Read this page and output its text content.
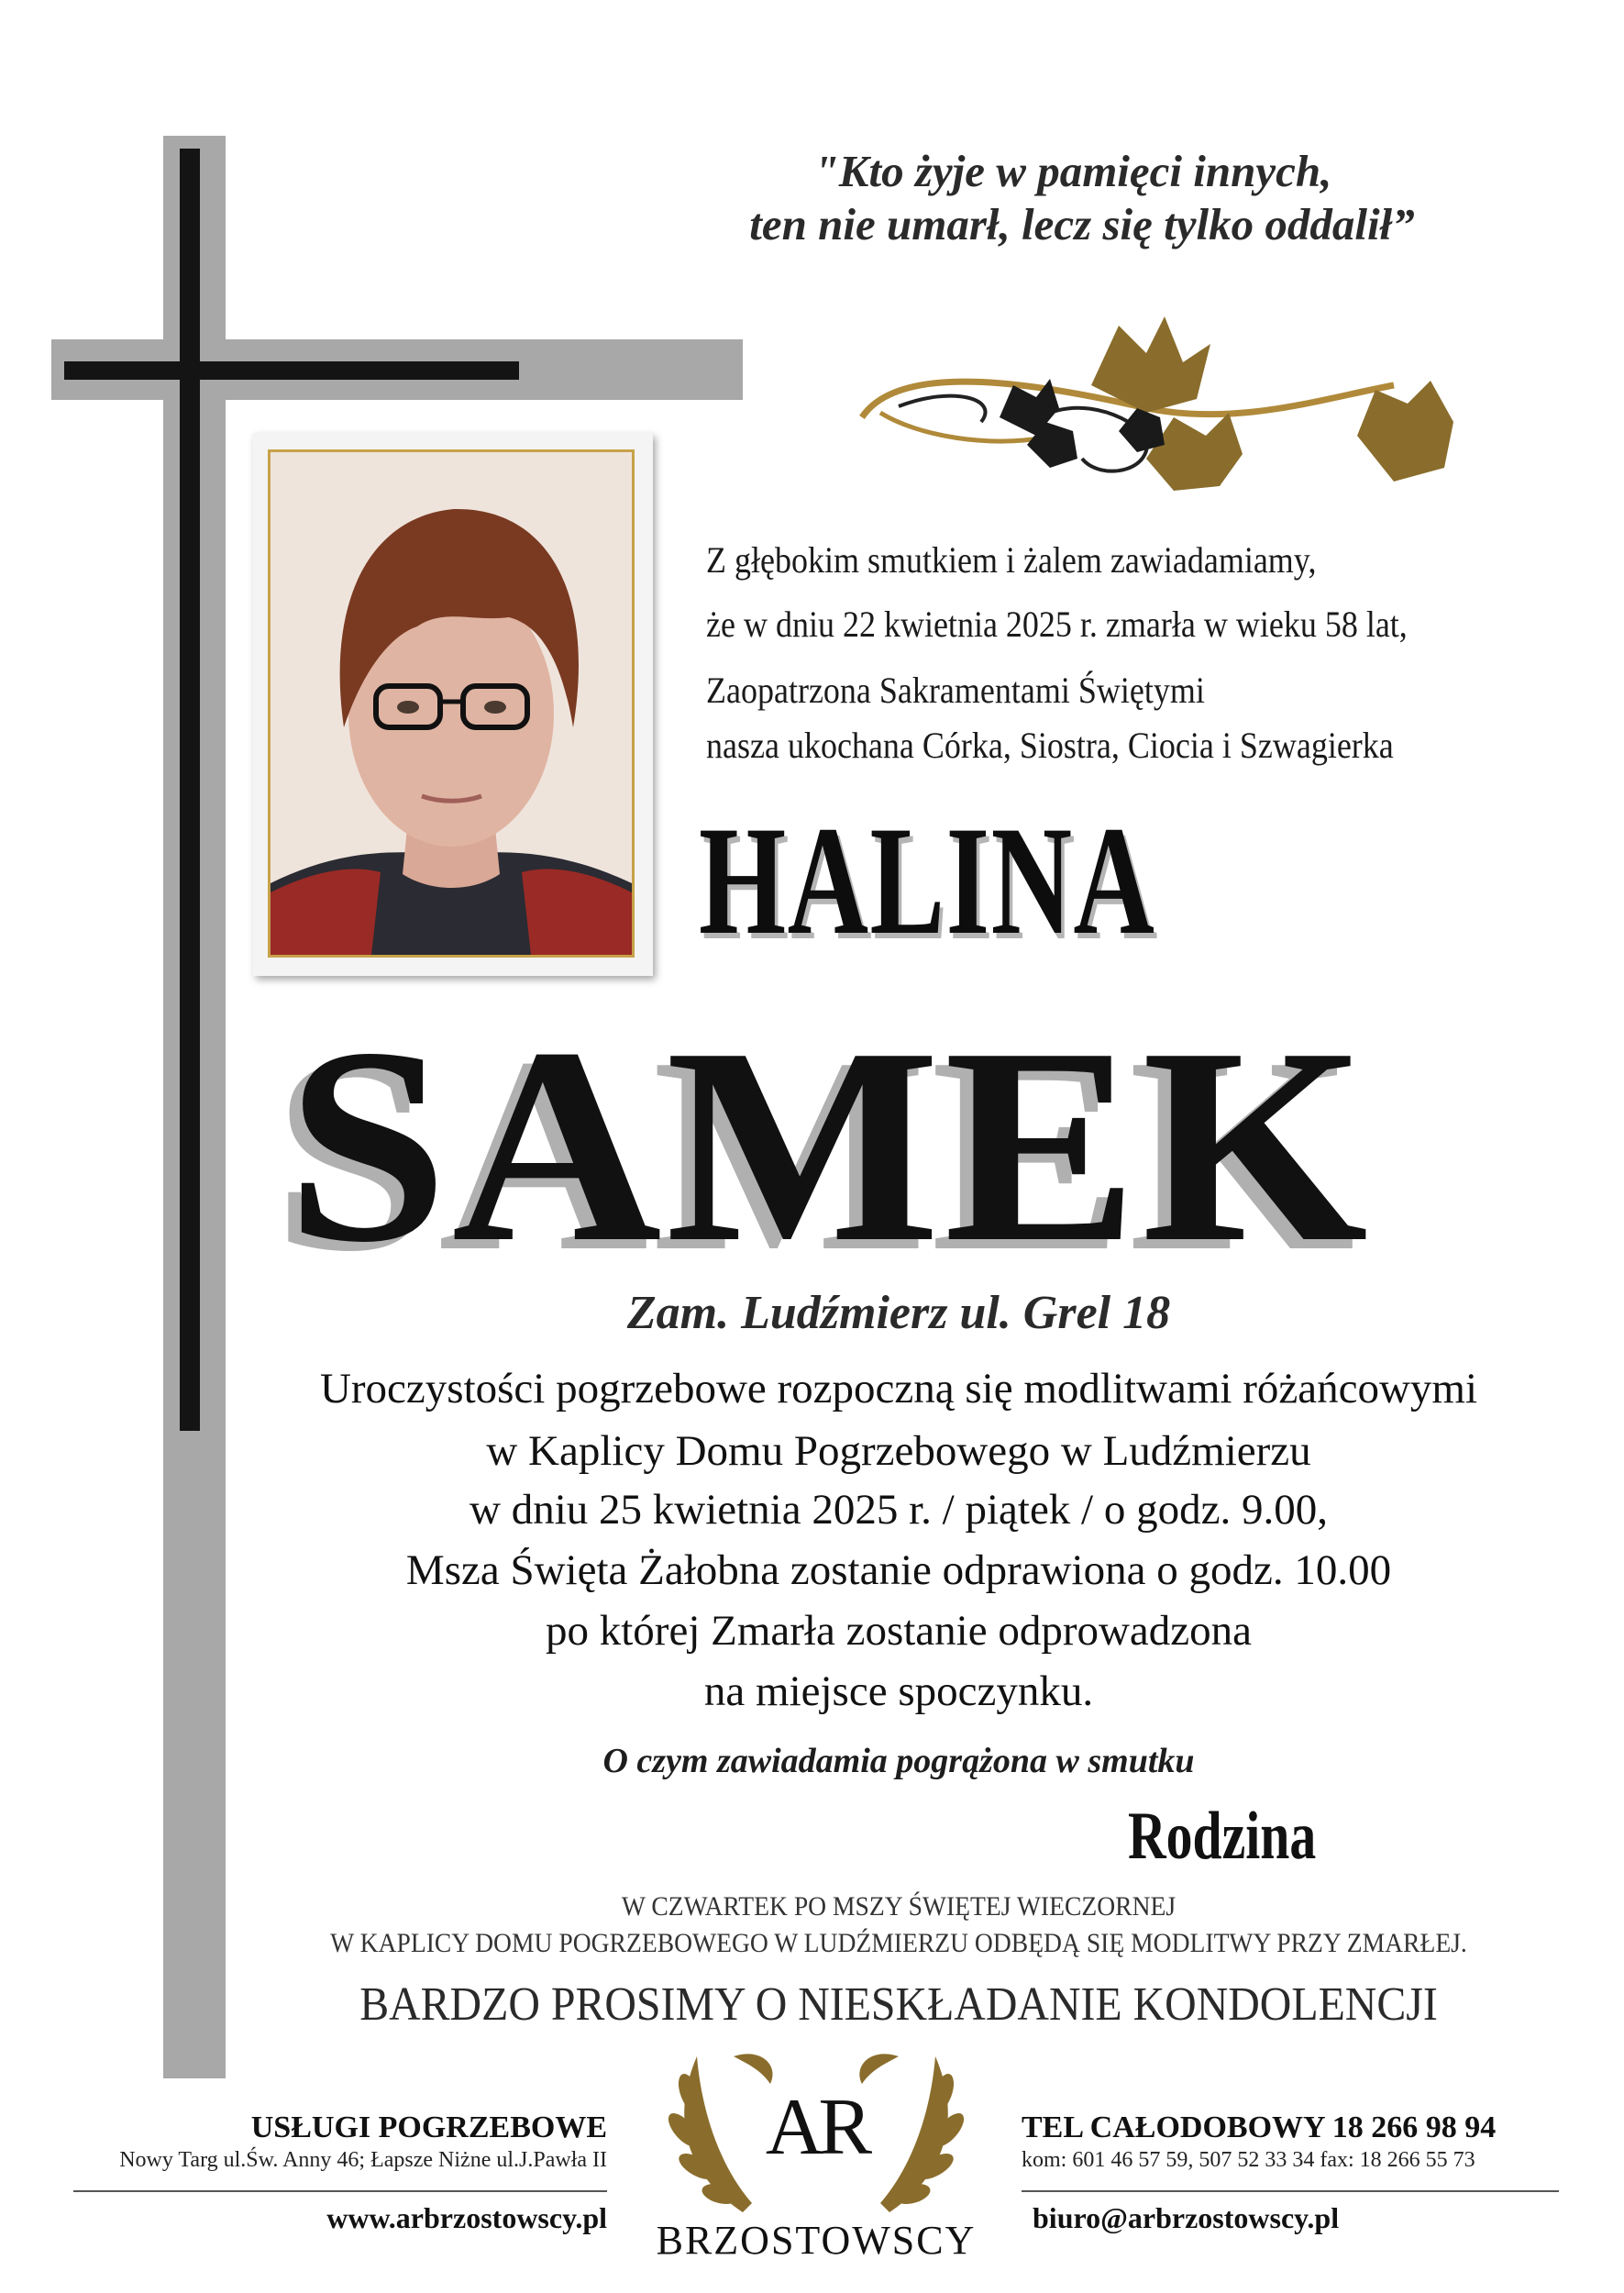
"Kto żyje w pamięci innych,
ten nie umarł, lecz się tylko oddalił”
Z głębokim smutkiem i żalem zawiadamiamy,
że w dniu 22 kwietnia 2025 r. zmarła w wieku 58 lat,
Zaopatrzona Sakramentami Świętymi
nasza ukochana Córka, Siostra, Ciocia i Szwagierka
HALINA
SAMEK
Zam. Ludźmierz ul. Grel 18
Uroczystości pogrzebowe rozpoczną się modlitwami różańcowymi
w Kaplicy Domu Pogrzebowego w Ludźmierzu
w dniu 25 kwietnia 2025 r. / piątek / o godz. 9.00,
Msza Święta Żałobna zostanie odprawiona o godz. 10.00
po której Zmarła zostanie odprowadzona
na miejsce spoczynku.
O czym zawiadamia pogrążona w smutku
Rodzina
W CZWARTEK PO MSZY ŚWIĘTEJ WIECZORNEJ
W KAPLICY DOMU POGRZEBOWEGO W LUDŹMIERZU ODBĘDĄ SIĘ MODLITWY PRZY ZMARŁEJ.
BARDZO PROSIMY O NIESKŁADANIE KONDOLENCJI
USŁUGI POGRZEBOWE
Nowy Targ ul.Św. Anny 46; Łapsze Niżne ul.J.Pawła II
www.arbrzostowscy.pl
TEL CAŁODOBOWY 18 266 98 94
kom: 601 46 57 59, 507 52 33 34 fax: 18 266 55 73
biuro@arbrzostowscy.pl
AR
BRZOSTOWSCY
